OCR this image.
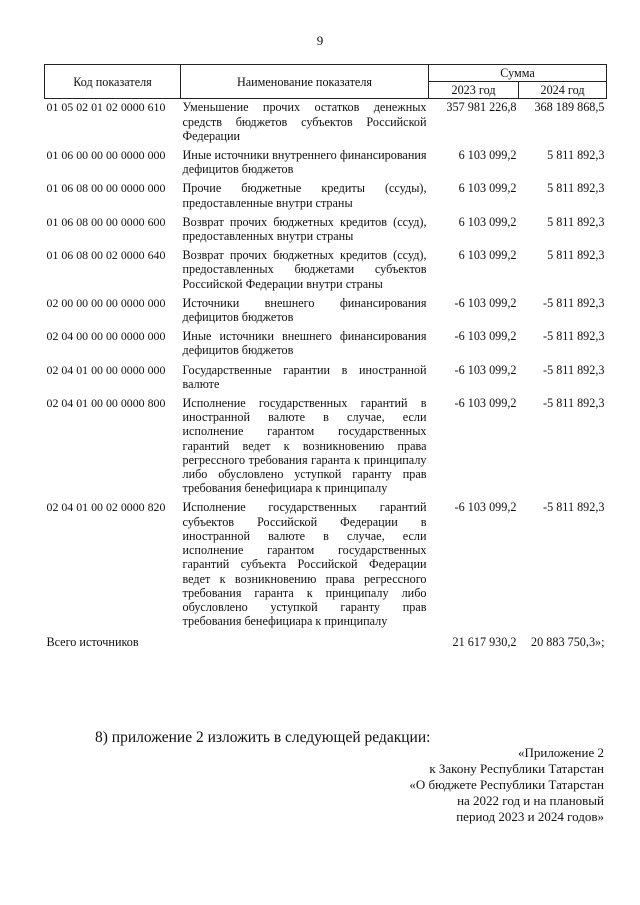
9
Код показателя	Наименование показателя	Сумма	
		2023 год	2024 год
01 05 02 01 02 0000 610	Уменьшение прочих остатков денежных средств бюджетов субъектов Российской Федерации	357 981 226,8	368 189 868,5
01 06 00 00 00 0000 000	Иные источники внутреннего финансирования дефицитов бюджетов	6 103 099,2	5 811 892,3
01 06 08 00 00 0000 000	Прочие бюджетные кредиты (ссуды), предоставленные внутри страны	6 103 099,2	5 811 892,3
01 06 08 00 00 0000 600	Возврат прочих бюджетных кредитов (ссуд), предоставленных внутри страны	6 103 099,2	5 811 892,3
01 06 08 00 02 0000 640	Возврат прочих бюджетных кредитов (ссуд), предоставленных бюджетами субъектов Российской Федерации внутри страны	6 103 099,2	5 811 892,3
02 00 00 00 00 0000 000	Источники внешнего финансирования дефицитов бюджетов	-6 103 099,2	-5 811 892,3
02 04 00 00 00 0000 000	Иные источники внешнего финансирования дефицитов бюджетов	-6 103 099,2	-5 811 892,3
02 04 01 00 00 0000 000	Государственные гарантии в иностранной валюте	-6 103 099,2	-5 811 892,3
02 04 01 00 00 0000 800	Исполнение государственных гарантий в иностранной валюте в случае, если исполнение гарантом государственных гарантий ведет к возникновению права регрессного требования гаранта к принципалу либо обусловлено уступкой гаранту прав требования бенефициара к принципалу	-6 103 099,2	-5 811 892,3
02 04 01 00 02 0000 820	Исполнение государственных гарантий субъектов Российской Федерации в иностранной валюте в случае, если исполнение гарантом государственных гарантий субъекта Российской Федерации ведет к возникновению права регрессного требования гаранта к принципалу либо обусловлено уступкой гаранту прав требования бенефициара к принципалу	-6 103 099,2	-5 811 892,3
Всего источников		21 617 930,2	20 883 750,3»;
8) приложение 2 изложить в следующей редакции:
«Приложение 2
к Закону Республики Татарстан
«О бюджете Республики Татарстан
на 2022 год и на плановый
период 2023 и 2024 годов»
